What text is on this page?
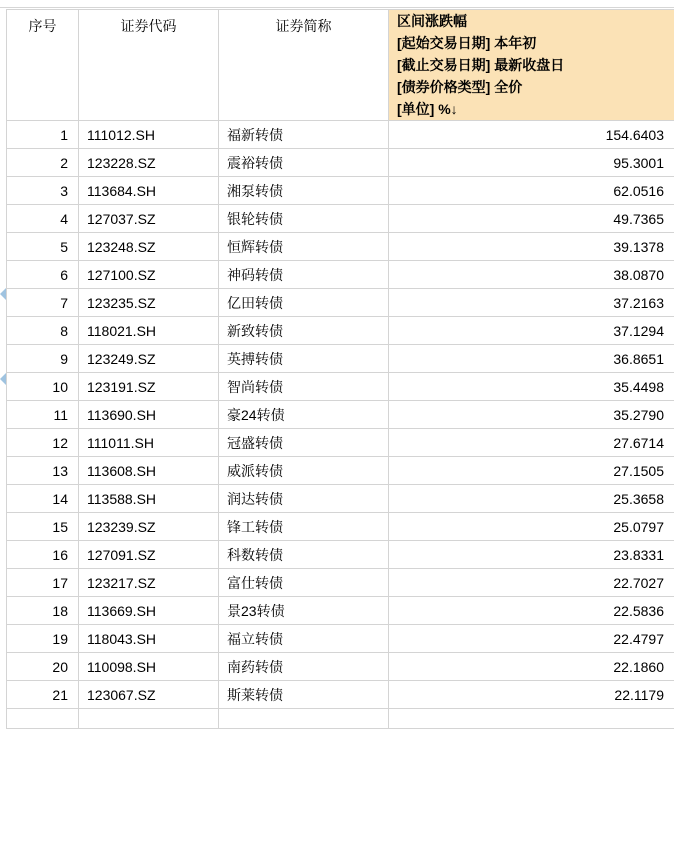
序号	证券代码	证券简称	区间涨跌幅
[起始交易日期] 本年初
[截止交易日期] 最新收盘日
[债券价格类型] 全价
[单位] %↓

1	111012.SH	福新转债	154.6403
2	123228.SZ	震裕转债	95.3001
3	113684.SH	湘泵转债	62.0516
4	127037.SZ	银轮转债	49.7365
5	123248.SZ	恒辉转债	39.1378
6	127100.SZ	神码转债	38.0870
7	123235.SZ	亿田转债	37.2163
8	118021.SH	新致转债	37.1294
9	123249.SZ	英搏转债	36.8651
10	123191.SZ	智尚转债	35.4498
11	113690.SH	豪24转债	35.2790
12	111011.SH	冠盛转债	27.6714
13	113608.SH	威派转债	27.1505
14	113588.SH	润达转债	25.3658
15	123239.SZ	锋工转债	25.0797
16	127091.SZ	科数转债	23.8331
17	123217.SZ	富仕转债	22.7027
18	113669.SH	景23转债	22.5836
19	118043.SH	福立转债	22.4797
20	110098.SH	南药转债	22.1860
21	123067.SZ	斯莱转债	22.1179
